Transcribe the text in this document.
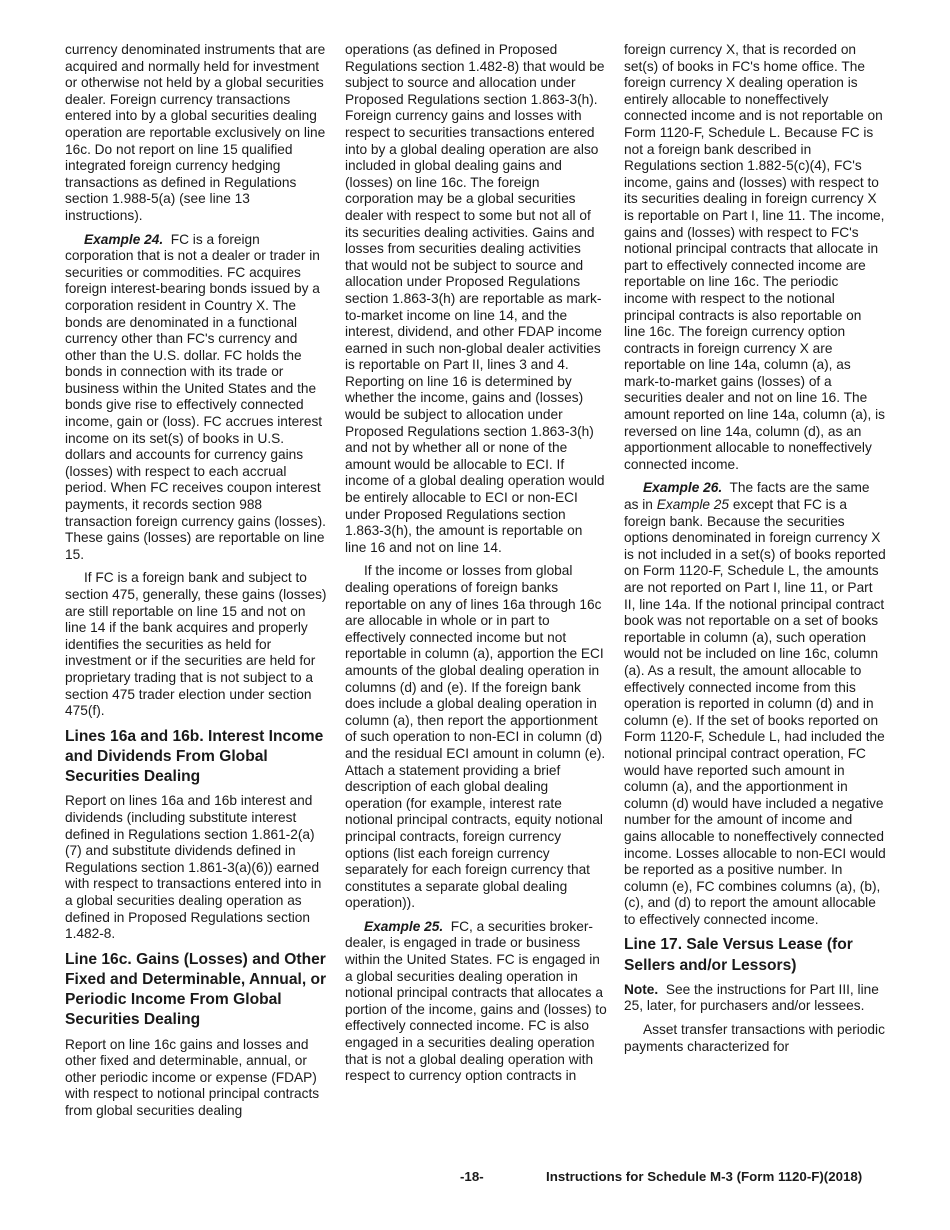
currency denominated instruments that are acquired and normally held for investment or otherwise not held by a global securities dealer. Foreign currency transactions entered into by a global securities dealing operation are reportable exclusively on line 16c. Do not report on line 15 qualified integrated foreign currency hedging transactions as defined in Regulations section 1.988-5(a) (see line 13 instructions).

Example 24. FC is a foreign corporation that is not a dealer or trader in securities or commodities. FC acquires foreign interest-bearing bonds issued by a corporation resident in Country X. The bonds are denominated in a functional currency other than FC's currency and other than the U.S. dollar. FC holds the bonds in connection with its trade or business within the United States and the bonds give rise to effectively connected income, gain or (loss). FC accrues interest income on its set(s) of books in U.S. dollars and accounts for currency gains (losses) with respect to each accrual period. When FC receives coupon interest payments, it records section 988 transaction foreign currency gains (losses). These gains (losses) are reportable on line 15.

If FC is a foreign bank and subject to section 475, generally, these gains (losses) are still reportable on line 15 and not on line 14 if the bank acquires and properly identifies the securities as held for investment or if the securities are held for proprietary trading that is not subject to a section 475 trader election under section 475(f).

Lines 16a and 16b. Interest Income and Dividends From Global Securities Dealing

Report on lines 16a and 16b interest and dividends (including substitute interest defined in Regulations section 1.861-2(a)(7) and substitute dividends defined in Regulations section 1.861-3(a)(6)) earned with respect to transactions entered into in a global securities dealing operation as defined in Proposed Regulations section 1.482-8.

Line 16c. Gains (Losses) and Other Fixed and Determinable, Annual, or Periodic Income From Global Securities Dealing

Report on line 16c gains and losses and other fixed and determinable, annual, or other periodic income or expense (FDAP) with respect to notional principal contracts from global securities dealing

operations (as defined in Proposed Regulations section 1.482-8) that would be subject to source and allocation under Proposed Regulations section 1.863-3(h). Foreign currency gains and losses with respect to securities transactions entered into by a global dealing operation are also included in global dealing gains and (losses) on line 16c. The foreign corporation may be a global securities dealer with respect to some but not all of its securities dealing activities. Gains and losses from securities dealing activities that would not be subject to source and allocation under Proposed Regulations section 1.863-3(h) are reportable as mark-to-market income on line 14, and the interest, dividend, and other FDAP income earned in such non-global dealer activities is reportable on Part II, lines 3 and 4. Reporting on line 16 is determined by whether the income, gains and (losses) would be subject to allocation under Proposed Regulations section 1.863-3(h) and not by whether all or none of the amount would be allocable to ECI. If income of a global dealing operation would be entirely allocable to ECI or non-ECI under Proposed Regulations section 1.863-3(h), the amount is reportable on line 16 and not on line 14.

If the income or losses from global dealing operations of foreign banks reportable on any of lines 16a through 16c are allocable in whole or in part to effectively connected income but not reportable in column (a), apportion the ECI amounts of the global dealing operation in columns (d) and (e). If the foreign bank does include a global dealing operation in column (a), then report the apportionment of such operation to non-ECI in column (d) and the residual ECI amount in column (e). Attach a statement providing a brief description of each global dealing operation (for example, interest rate notional principal contracts, equity notional principal contracts, foreign currency options (list each foreign currency separately for each foreign currency that constitutes a separate global dealing operation)).

Example 25. FC, a securities broker-dealer, is engaged in trade or business within the United States. FC is engaged in a global securities dealing operation in notional principal contracts that allocates a portion of the income, gains and (losses) to effectively connected income. FC is also engaged in a securities dealing operation that is not a global dealing operation with respect to currency option contracts in

foreign currency X, that is recorded on set(s) of books in FC's home office. The foreign currency X dealing operation is entirely allocable to noneffectively connected income and is not reportable on Form 1120-F, Schedule L. Because FC is not a foreign bank described in Regulations section 1.882-5(c)(4), FC's income, gains and (losses) with respect to its securities dealing in foreign currency X is reportable on Part I, line 11. The income, gains and (losses) with respect to FC's notional principal contracts that allocate in part to effectively connected income are reportable on line 16c. The periodic income with respect to the notional principal contracts is also reportable on line 16c. The foreign currency option contracts in foreign currency X are reportable on line 14a, column (a), as mark-to-market gains (losses) of a securities dealer and not on line 16. The amount reported on line 14a, column (a), is reversed on line 14a, column (d), as an apportionment allocable to noneffectively connected income.

Example 26. The facts are the same as in Example 25 except that FC is a foreign bank. Because the securities options denominated in foreign currency X is not included in a set(s) of books reported on Form 1120-F, Schedule L, the amounts are not reported on Part I, line 11, or Part II, line 14a. If the notional principal contract book was not reportable on a set of books reportable in column (a), such operation would not be included on line 16c, column (a). As a result, the amount allocable to effectively connected income from this operation is reported in column (d) and in column (e). If the set of books reported on Form 1120-F, Schedule L, had included the notional principal contract operation, FC would have reported such amount in column (a), and the apportionment in column (d) would have included a negative number for the amount of income and gains allocable to noneffectively connected income. Losses allocable to non-ECI would be reported as a positive number. In column (e), FC combines columns (a), (b), (c), and (d) to report the amount allocable to effectively connected income.

Line 17. Sale Versus Lease (for Sellers and/or Lessors)

Note. See the instructions for Part III, line 25, later, for purchasers and/or lessees.

Asset transfer transactions with periodic payments characterized for

-18-	Instructions for Schedule M-3 (Form 1120-F)(2018)
